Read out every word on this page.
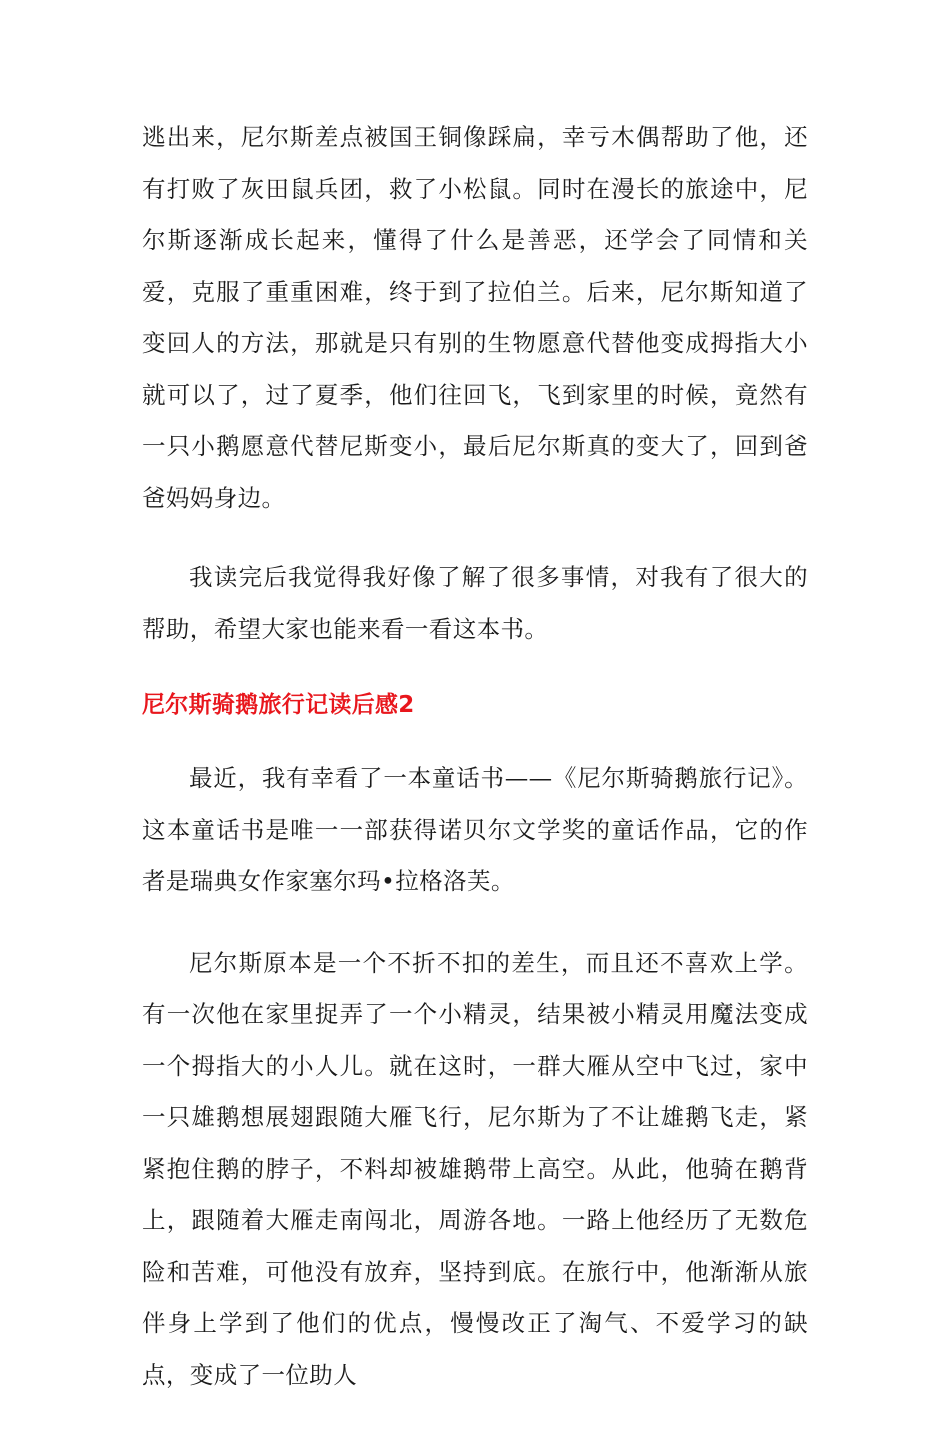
逃出来，尼尔斯差点被国王铜像踩扁，幸亏木偶帮助了他，还有打败了灰田鼠兵团，救了小松鼠。同时在漫长的旅途中，尼尔斯逐渐成长起来，懂得了什么是善恶，还学会了同情和关爱，克服了重重困难，终于到了拉伯兰。后来，尼尔斯知道了变回人的方法，那就是只有别的生物愿意代替他变成拇指大小就可以了，过了夏季，他们往回飞，飞到家里的时候，竟然有一只小鹅愿意代替尼斯变小，最后尼尔斯真的变大了，回到爸爸妈妈身边。

我读完后我觉得我好像了解了很多事情，对我有了很大的帮助，希望大家也能来看一看这本书。

尼尔斯骑鹅旅行记读后感2

最近，我有幸看了一本童话书——《尼尔斯骑鹅旅行记》。这本童话书是唯一一部获得诺贝尔文学奖的童话作品，它的作者是瑞典女作家塞尔玛•拉格洛芙。

尼尔斯原本是一个不折不扣的差生，而且还不喜欢上学。有一次他在家里捉弄了一个小精灵，结果被小精灵用魔法变成一个拇指大的小人儿。就在这时，一群大雁从空中飞过，家中一只雄鹅想展翅跟随大雁飞行，尼尔斯为了不让雄鹅飞走，紧紧抱住鹅的脖子，不料却被雄鹅带上高空。从此，他骑在鹅背上，跟随着大雁走南闯北，周游各地。一路上他经历了无数危险和苦难，可他没有放弃，坚持到底。在旅行中，他渐渐从旅伴身上学到了他们的优点，慢慢改正了淘气、不爱学习的缺点，变成了一位助人
